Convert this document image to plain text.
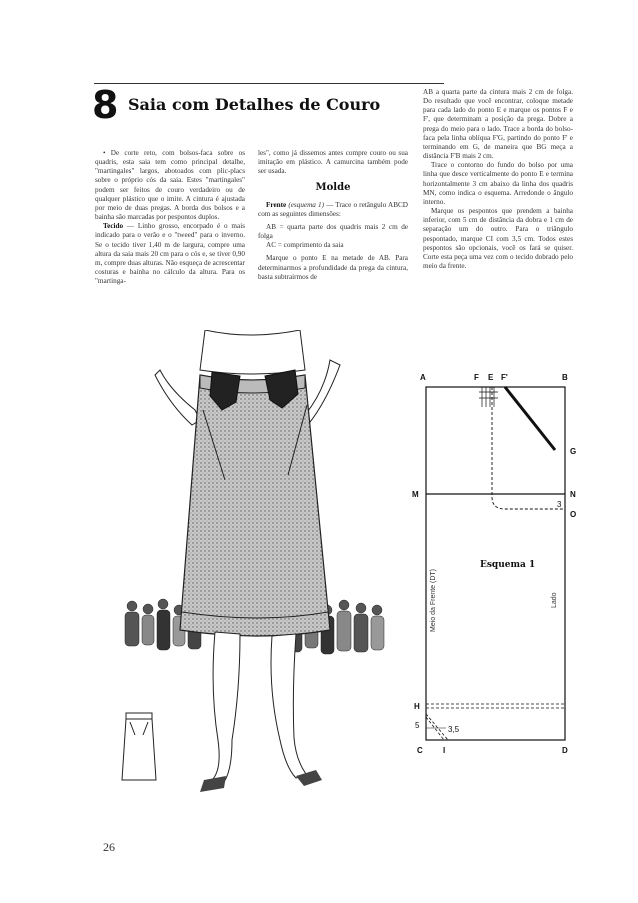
8 Saia com Detalhes de Couro

• De corte reto, com bolsos-faca sobre os quadris, esta saia tem como principal detalhe, "martingales" largos, abotoados com plic-placs sobre o próprio cós da saia. Estes "martingales" podem ser feitos de couro verdadeiro ou de qualquer plástico que o imite. A cintura é ajustada por meio de duas pregas. A borda dos bolsos e a bainha são marcadas por pespontos duplos.

Tecido — Linho grosso, encorpado é o mais indicado para o verão e o "tweed" para o inverno. Se o tecido tiver 1,40 m de largura, compre uma altura da saia mais 20 cm para o cós e, se tiver 0,90 m, compre duas alturas. Não esqueça de acrescentar costuras e bainha no cálculo da altura. Para os "martinga-

les", como já dissemos antes compre couro ou sua imitação em plástico. A camurcina também pode ser usada.

Molde

Frente (esquema 1) — Trace o retângulo ABCD com as seguintes dimensões:

AB = quarta parte dos quadris mais 2 cm de folga

AC = comprimento da saia

Marque o ponto E na metade de AB. Para determinarmos a profundidade da prega da cintura, basta subtrairmos de

AB a quarta parte da cintura mais 2 cm de folga. Do resultado que você encontrar, coloque metade para cada lado do ponto E e marque os pontos F e F', que determinam a posição da prega. Dobre a prega do meio para o lado. Trace a borda do bolso-faca pela linha oblíqua F'G, partindo do ponto F' e terminando em G, de maneira que BG meça a distância F'B mais 2 cm.

Trace o contorno do fundo do bolso por uma linha que desce verticalmente do ponto E e termina horizontalmente 3 cm abaixo da linha dos quadris MN, como indica o esquema. Arredonde o ângulo interno.

Marque os pespontos que prendem a bainha inferior, com 5 cm de distância da dobra e 1 cm de separação um do outro. Para o triângulo pespontado, marque CI com 3,5 cm. Todos estes pespontos são opcionais, você os fará se quiser. Corte esta peça uma vez com o tecido dobrado pelo meio da frente.

A	F E F'	B
G
M	N
O
H
C	I	D
3
5	3,5
Esquema 1
Meio da Frente (DT)	Lado
26
